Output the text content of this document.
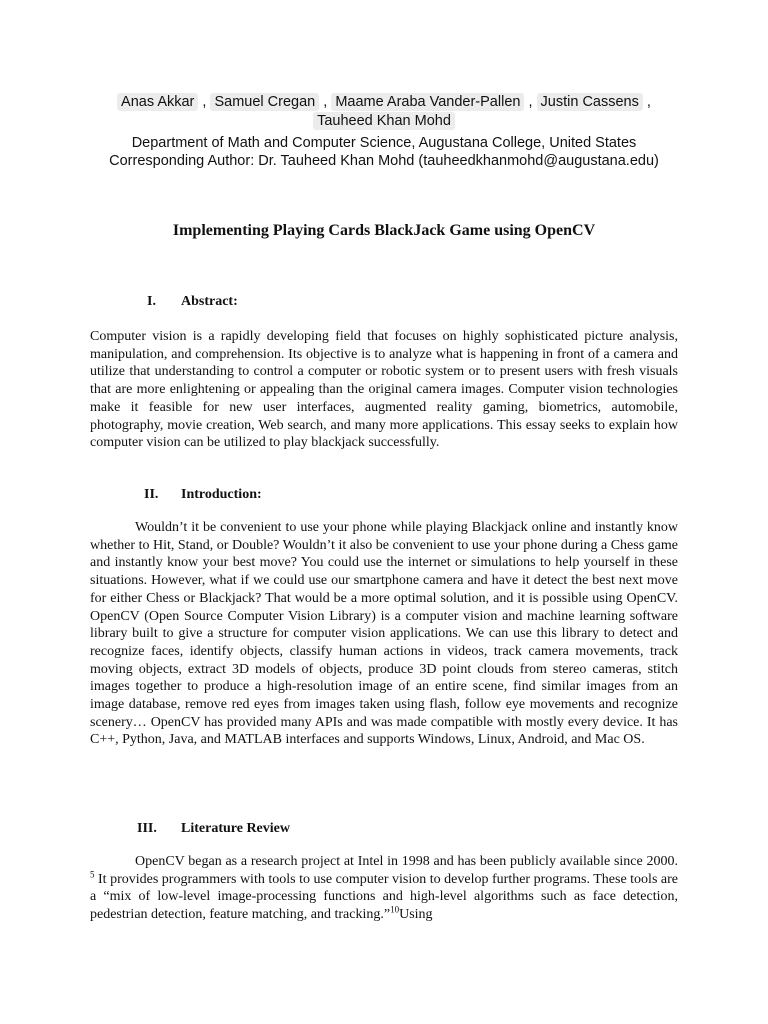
Anas Akkar , Samuel Cregan , Maame Araba Vander-Pallen , Justin Cassens ,
Tauheed Khan Mohd
Department of Math and Computer Science, Augustana College, United States
Corresponding Author: Dr. Tauheed Khan Mohd (tauheedkhanmohd@augustana.edu)
Implementing Playing Cards BlackJack Game using OpenCV
I. Abstract:

Computer vision is a rapidly developing field that focuses on highly sophisticated picture analysis, manipulation, and comprehension. Its objective is to analyze what is happening in front of a camera and utilize that understanding to control a computer or robotic system or to present users with fresh visuals that are more enlightening or appealing than the original camera images. Computer vision technologies make it feasible for new user interfaces, augmented reality gaming, biometrics, automobile, photography, movie creation, Web search, and many more applications. This essay seeks to explain how computer vision can be utilized to play blackjack successfully.

II. Introduction:

Wouldn’t it be convenient to use your phone while playing Blackjack online and instantly know whether to Hit, Stand, or Double? Wouldn’t it also be convenient to use your phone during a Chess game and instantly know your best move? You could use the internet or simulations to help yourself in these situations. However, what if we could use our smartphone camera and have it detect the best next move for either Chess or Blackjack? That would be a more optimal solution, and it is possible using OpenCV. OpenCV (Open Source Computer Vision Library) is a computer vision and machine learning software library built to give a structure for computer vision applications. We can use this library to detect and recognize faces, identify objects, classify human actions in videos, track camera movements, track moving objects, extract 3D models of objects, produce 3D point clouds from stereo cameras, stitch images together to produce a high-resolution image of an entire scene, find similar images from an image database, remove red eyes from images taken using flash, follow eye movements and recognize scenery… OpenCV has provided many APIs and was made compatible with mostly every device. It has C++, Python, Java, and MATLAB interfaces and supports Windows, Linux, Android, and Mac OS.

III. Literature Review

OpenCV began as a research project at Intel in 1998 and has been publicly available since 2000. $^5$ It provides programmers with tools to use computer vision to develop further programs. These tools are a “mix of low-level image-processing functions and high-level algorithms such as face detection, pedestrian detection, feature matching, and tracking.”$^{10}$Using
